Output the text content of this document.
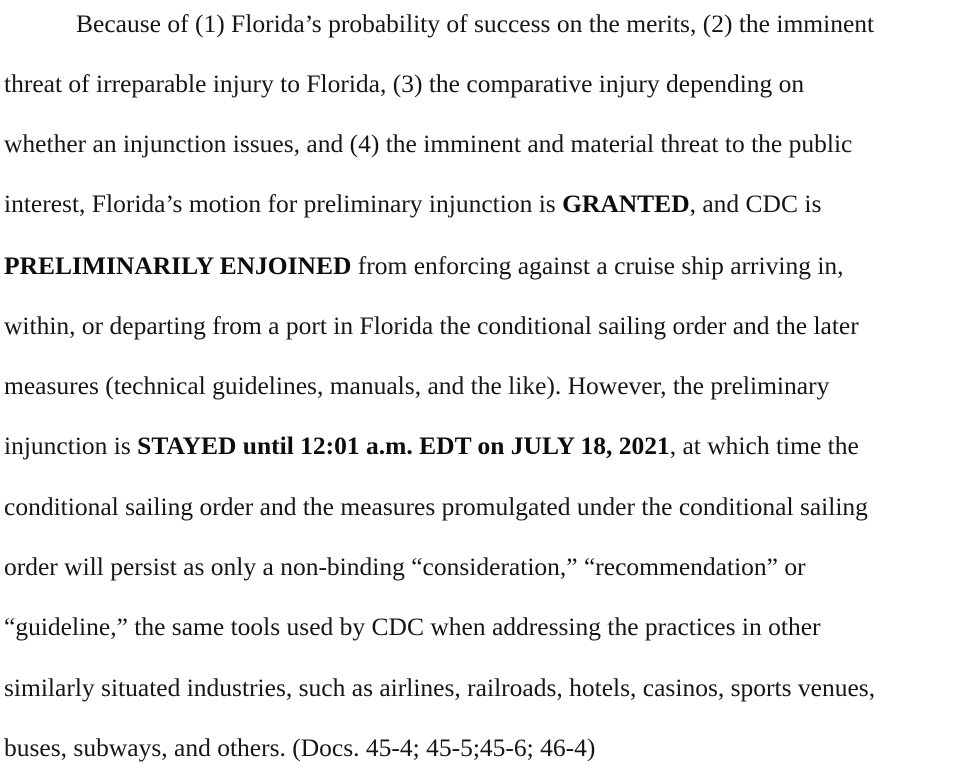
Because of (1) Florida’s probability of success on the merits, (2) the imminent
threat of irreparable injury to Florida, (3) the comparative injury depending on
whether an injunction issues, and (4) the imminent and material threat to the public
interest, Florida’s motion for preliminary injunction is GRANTED, and CDC is
PRELIMINARILY ENJOINED from enforcing against a cruise ship arriving in,
within, or departing from a port in Florida the conditional sailing order and the later
measures (technical guidelines, manuals, and the like). However, the preliminary
injunction is STAYED until 12:01 a.m. EDT on JULY 18, 2021, at which time the
conditional sailing order and the measures promulgated under the conditional sailing
order will persist as only a non-binding “consideration,” “recommendation” or
“guideline,” the same tools used by CDC when addressing the practices in other
similarly situated industries, such as airlines, railroads, hotels, casinos, sports venues,
buses, subways, and others. (Docs. 45-4; 45-5;45-6; 46-4)
